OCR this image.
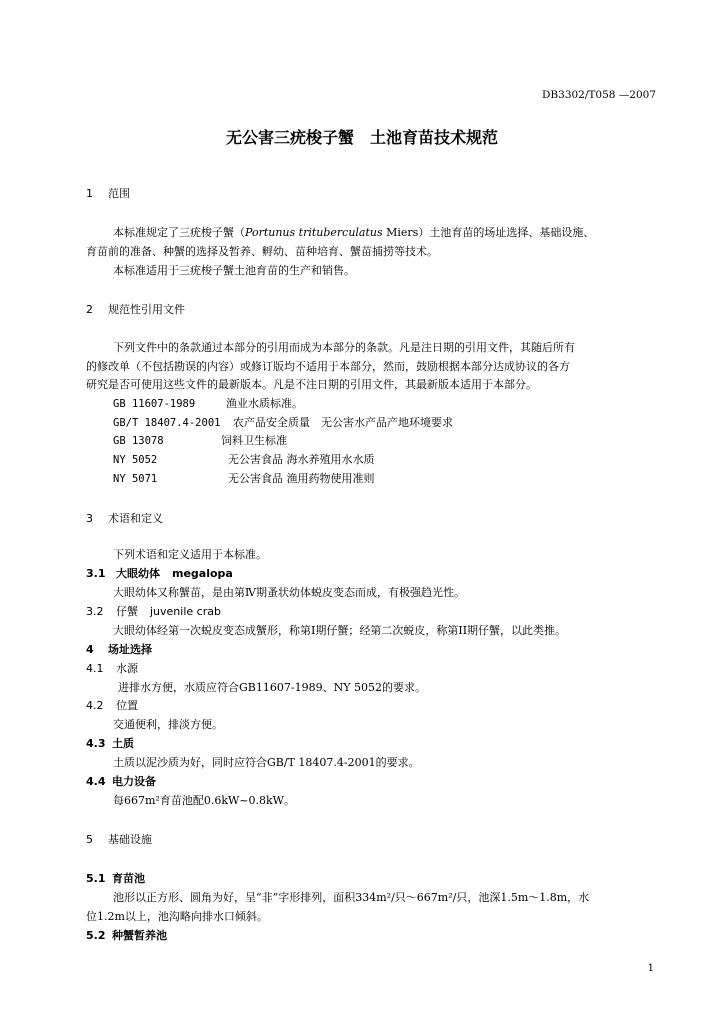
DB3302/T058 —2007
无公害三疣梭子蟹　土池育苗技术规范
1 范围
本标准规定了三疣梭子蟹（Portunus trituberculatus Miers）土池育苗的场址选择、基础设施、
育苗前的准备、种蟹的选择及暂养、孵幼、苗种培育、蟹苗捕捞等技术。
本标准适用于三疣梭子蟹土池育苗的生产和销售。
2 规范性引用文件
下列文件中的条款通过本部分的引用而成为本部分的条款。凡是注日期的引用文件，其随后所有
的修改单（不包括勘误的内容）或修订版均不适用于本部分，然而，鼓励根据本部分达成协议的各方
研究是否可使用这些文件的最新版本。凡是不注日期的引用文件，其最新版本适用于本部分。
GB 11607-1989	渔业水质标准。
GB/T 18407.4-2001 农产品安全质量　无公害水产品产地环境要求
GB 13078	饲料卫生标准
NY 5052	无公害食品 海水养殖用水水质
NY 5071	无公害食品 渔用药物使用准则
3 术语和定义
下列术语和定义适用于本标准。
3.1 大眼幼体 megalopa
大眼幼体又称蟹苗，是由第Ⅳ期蚤状幼体蜕皮变态而成，有极强趋光性。
3.2 仔蟹 juvenile crab
大眼幼体经第一次蜕皮变态成蟹形，称第Ⅰ期仔蟹；经第二次蜕皮，称第ⅠⅠ期仔蟹，以此类推。
4 场址选择
4.1 水源
进排水方便，水质应符合GB11607-1989、NY 5052的要求。
4.2 位置
交通便利，排淡方便。
4.3 土质
土质以泥沙质为好，同时应符合GB/T 18407.4-2001的要求。
4.4 电力设备
每667m²育苗池配0.6kW~0.8kW。
5 基础设施
5.1 育苗池
池形以正方形、圆角为好，呈“非”字形排列，面积334m²/只～667m²/只，池深1.5m～1.8m，水
位1.2m以上，池沟略向排水口倾斜。
5.2 种蟹暂养池
1
